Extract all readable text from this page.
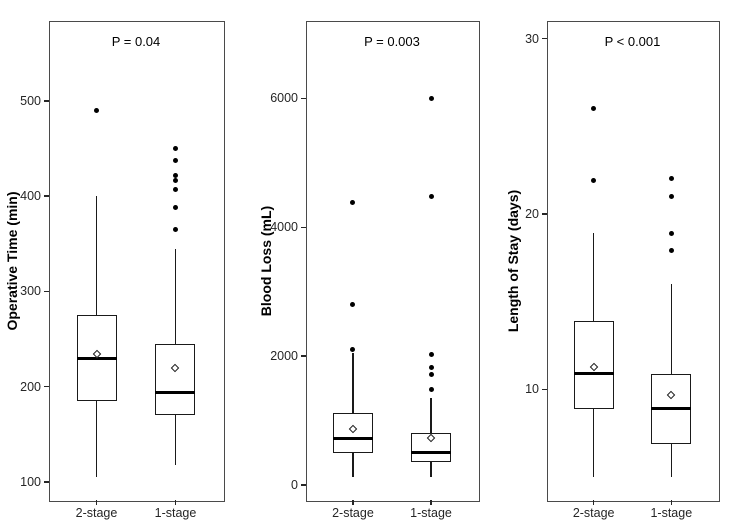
P = 0.04
Operative Time (min)
100
200
300
400
500
2-stage	1-stage
P = 0.003
Blood Loss (mL)
0
2000
4000
6000
2-stage	1-stage
P < 0.001
Length of Stay (days)
10
20
30
2-stage	1-stage
